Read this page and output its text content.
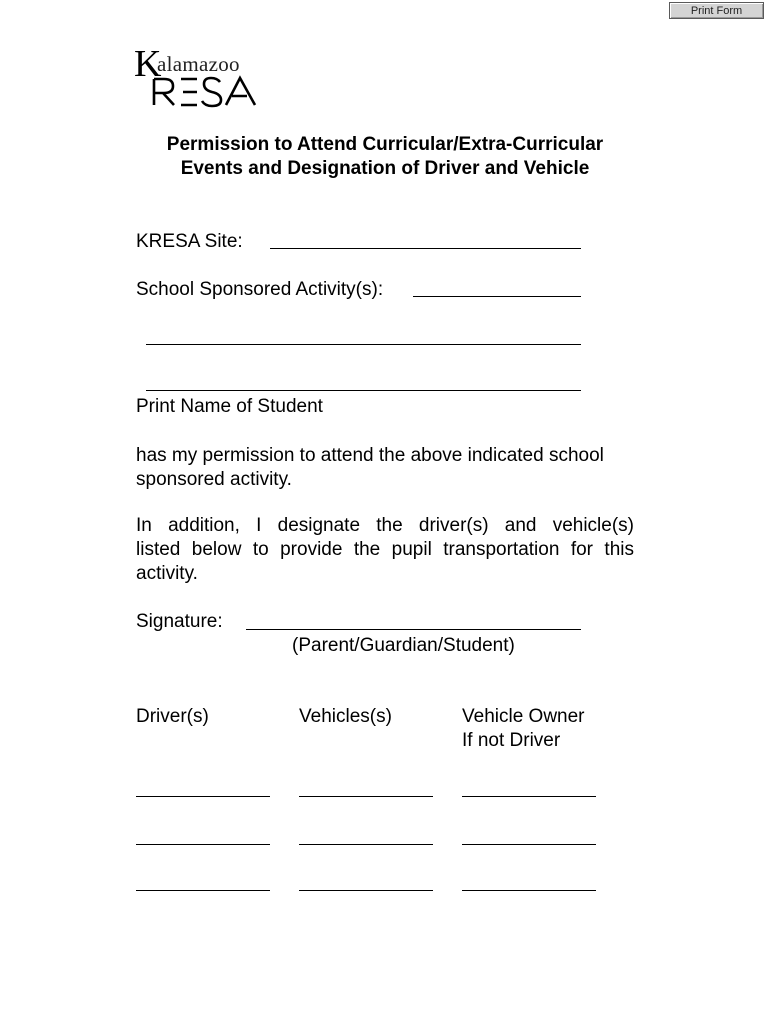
Print Form
K
alamazoo
Permission to Attend Curricular/Extra-Curricular
Events and Designation of Driver and Vehicle
KRESA Site:
School Sponsored Activity(s):
Print Name of Student
has my permission to attend the above indicated school
sponsored activity.
In addition, I designate the driver(s) and vehicle(s)
listed below to provide the pupil transportation for this
activity.
Signature:
(Parent/Guardian/Student)
Driver(s)	Vehicles(s)	Vehicle Owner
If not Driver
